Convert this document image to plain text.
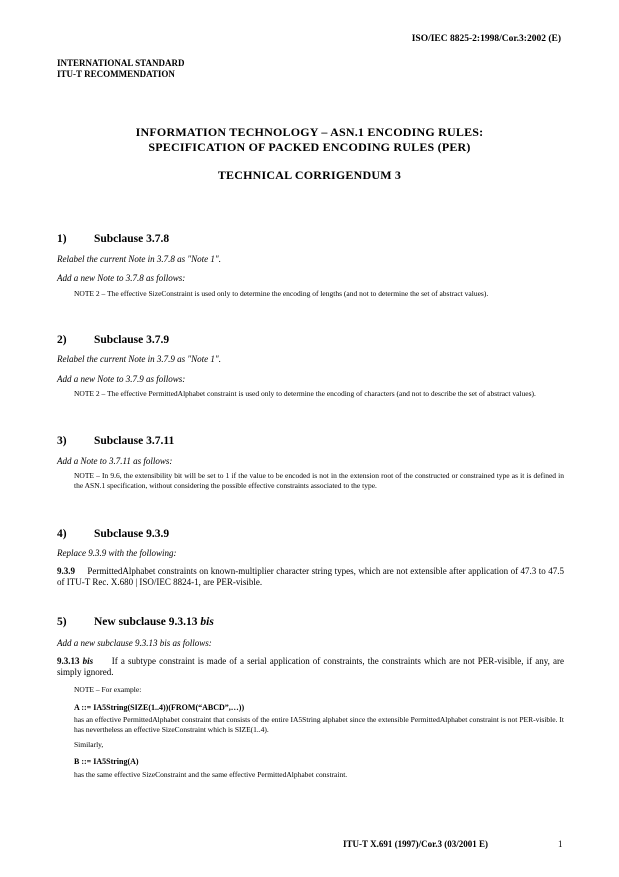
ISO/IEC 8825-2:1998/Cor.3:2002 (E)
INTERNATIONAL STANDARD
ITU-T RECOMMENDATION
INFORMATION TECHNOLOGY – ASN.1 ENCODING RULES:
SPECIFICATION OF PACKED ENCODING RULES (PER)
TECHNICAL CORRIGENDUM 3
1) Subclause 3.7.8
Relabel the current Note in 3.7.8 as "Note 1".
Add a new Note to 3.7.8 as follows:
NOTE 2 – The effective SizeConstraint is used only to determine the encoding of lengths (and not to determine the set of abstract values).
2) Subclause 3.7.9
Relabel the current Note in 3.7.9 as "Note 1".
Add a new Note to 3.7.9 as follows:
NOTE 2 – The effective PermittedAlphabet constraint is used only to determine the encoding of characters (and not to describe the set of abstract values).
3) Subclause 3.7.11
Add a Note to 3.7.11 as follows:
NOTE – In 9.6, the extensibility bit will be set to 1 if the value to be encoded is not in the extension root of the constructed or constrained type as it is defined in the ASN.1 specification, without considering the possible effective constraints associated to the type.
4) Subclause 9.3.9
Replace 9.3.9 with the following:
9.3.9 PermittedAlphabet constraints on known-multiplier character string types, which are not extensible after application of 47.3 to 47.5 of ITU-T Rec. X.680 | ISO/IEC 8824-1, are PER-visible.
5) New subclause 9.3.13 bis
Add a new subclause 9.3.13 bis as follows:
9.3.13 bis If a subtype constraint is made of a serial application of constraints, the constraints which are not PER-visible, if any, are simply ignored.
NOTE – For example:
A ::= IA5String(SIZE(1..4))(FROM(“ABCD”,…))
has an effective PermittedAlphabet constraint that consists of the entire IA5String alphabet since the extensible PermittedAlphabet constraint is not PER-visible. It has nevertheless an effective SizeConstraint which is SIZE(1..4).
Similarly,
B ::= IA5String(A)
has the same effective SizeConstraint and the same effective PermittedAlphabet constraint.
ITU-T X.691 (1997)/Cor.3 (03/2001 E)	1
